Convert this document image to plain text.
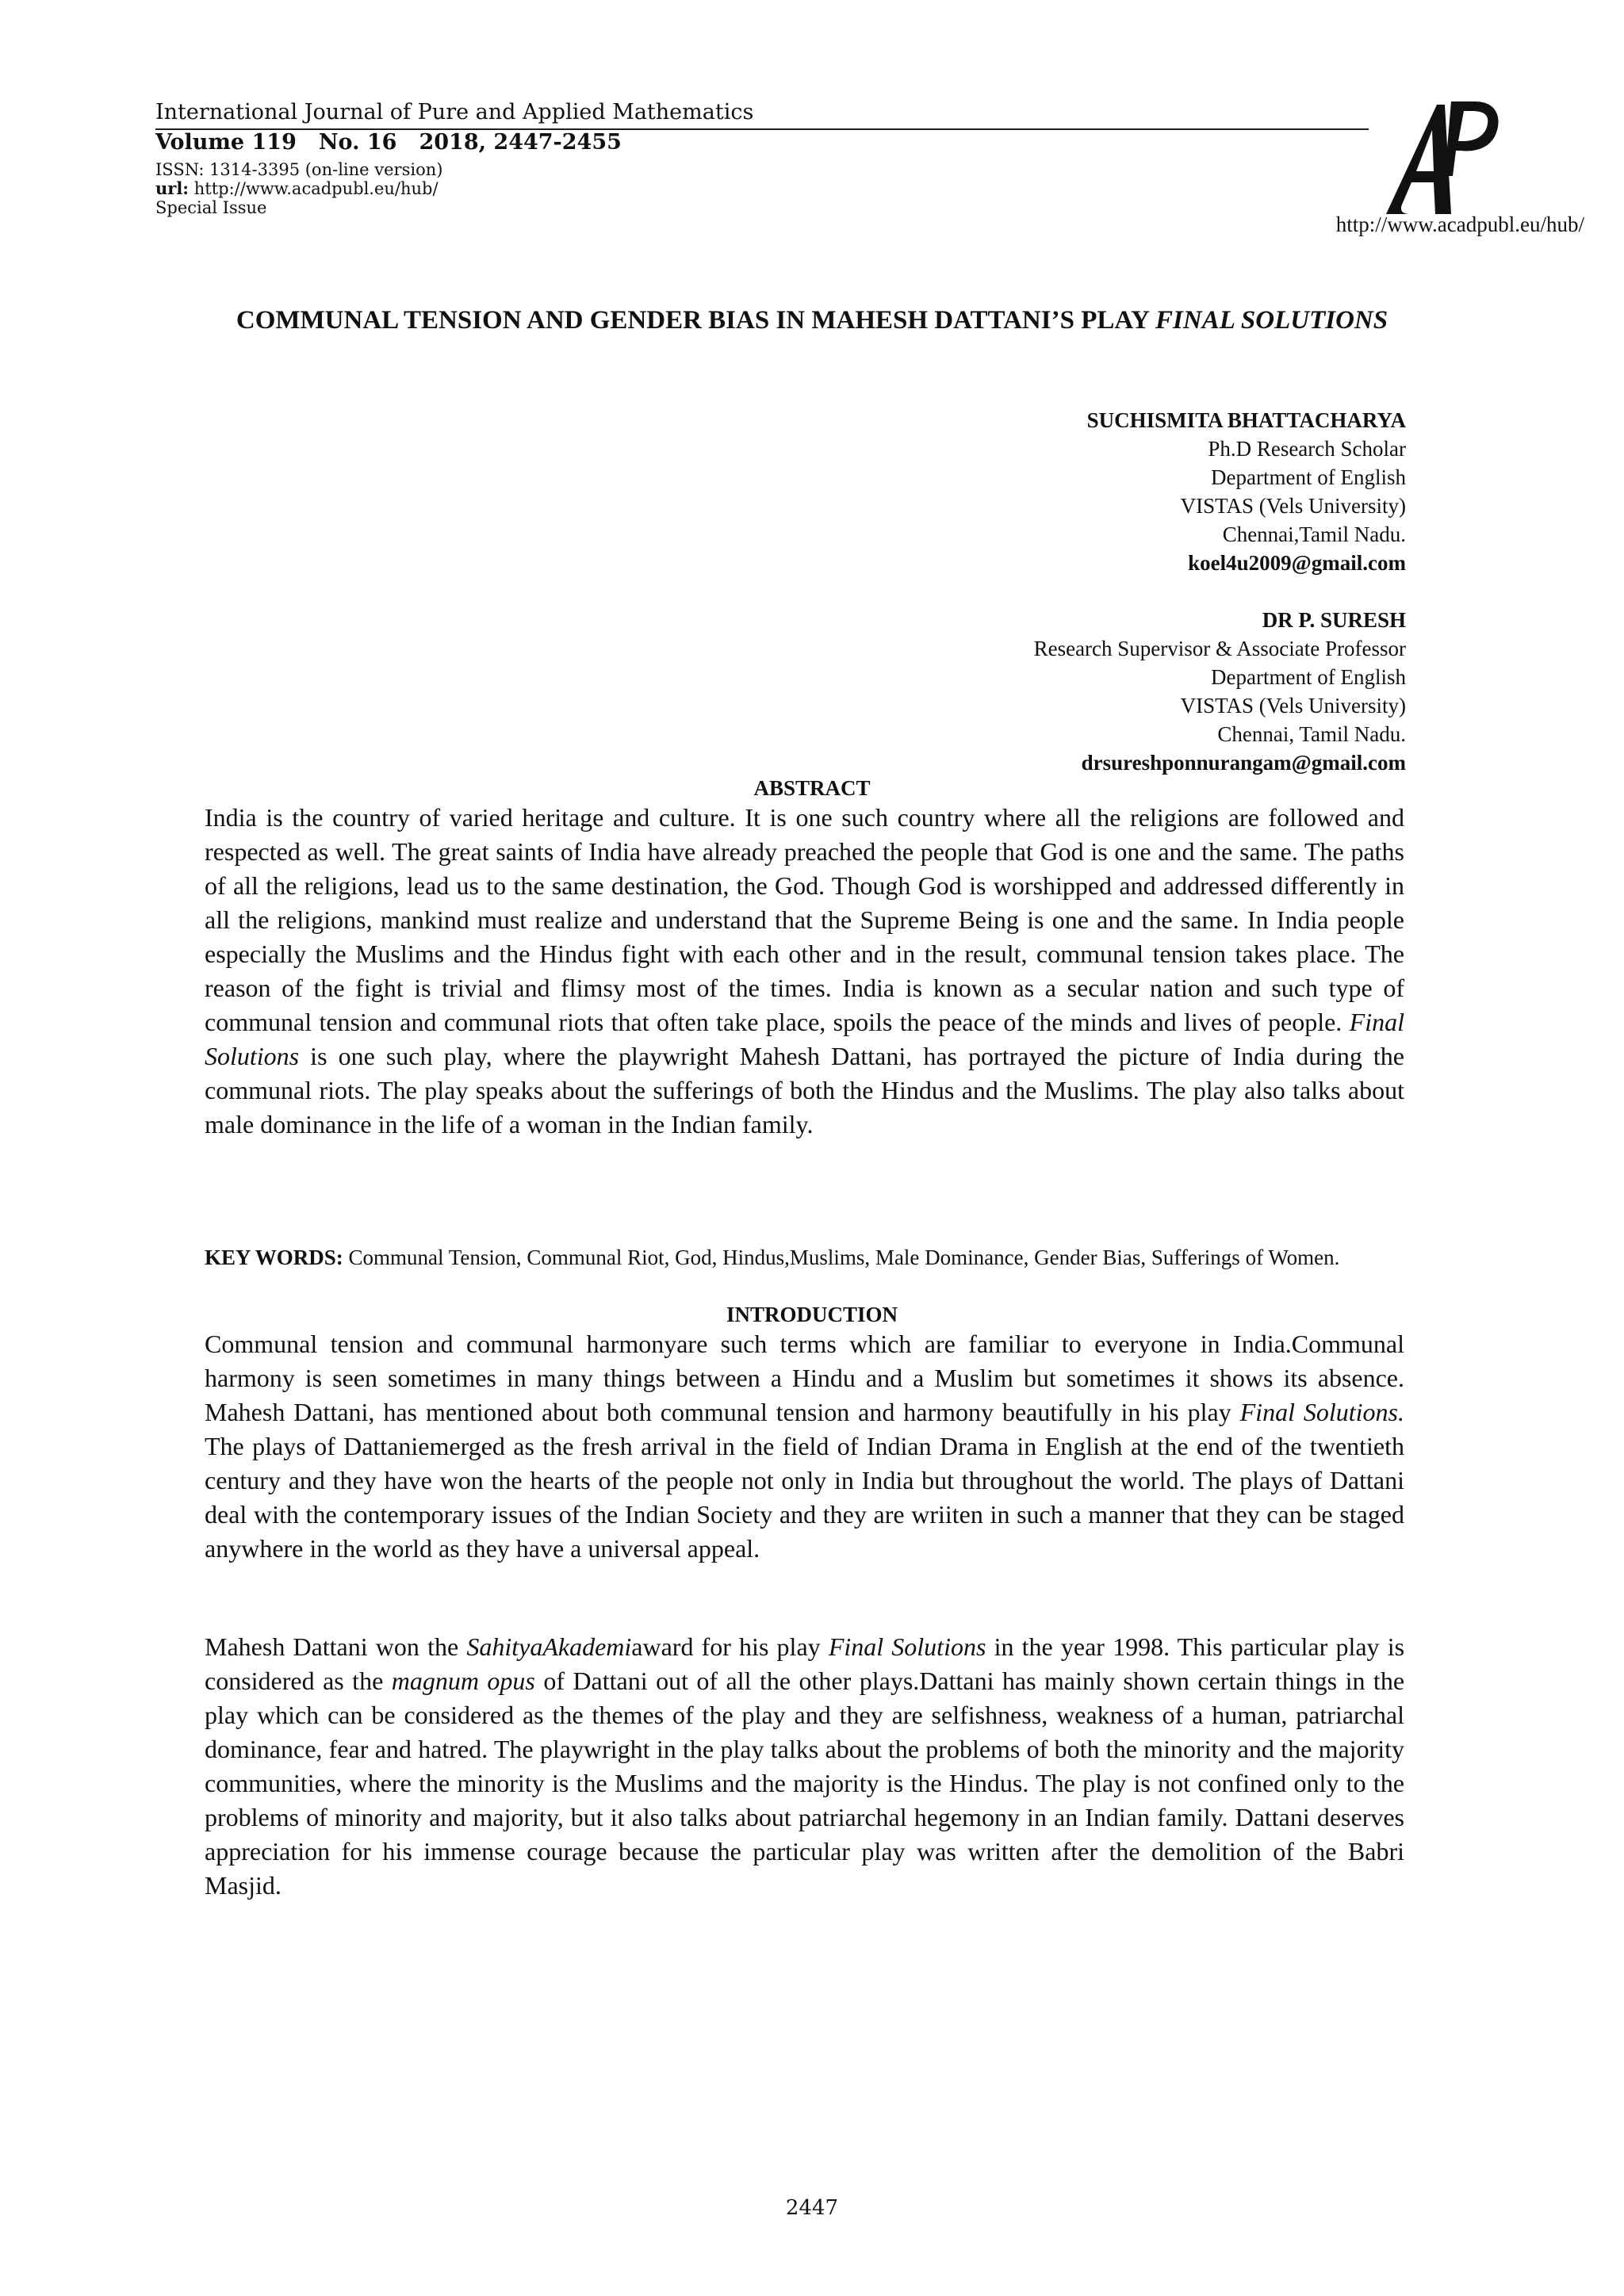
International Journal of Pure and Applied Mathematics
Volume 119 No. 16 2018, 2447-2455
ISSN: 1314-3395 (on-line version)
url: http://www.acadpubl.eu/hub/
Special Issue
http://www.acadpubl.eu/hub/
COMMUNAL TENSION AND GENDER BIAS IN MAHESH DATTANI’S PLAY FINAL SOLUTIONS
SUCHISMITA BHATTACHARYA
Ph.D Research Scholar
Department of English
VISTAS (Vels University)
Chennai,Tamil Nadu.
koel4u2009@gmail.com
DR P. SURESH
Research Supervisor & Associate Professor
Department of English
VISTAS (Vels University)
Chennai, Tamil Nadu.
drsureshponnurangam@gmail.com
ABSTRACT
India is the country of varied heritage and culture. It is one such country where all the religions are followed and respected as well. The great saints of India have already preached the people that God is one and the same. The paths of all the religions, lead us to the same destination, the God. Though God is worshipped and addressed differently in all the religions, mankind must realize and understand that the Supreme Being is one and the same. In India people especially the Muslims and the Hindus fight with each other and in the result, communal tension takes place. The reason of the fight is trivial and flimsy most of the times. India is known as a secular nation and such type of communal tension and communal riots that often take place, spoils the peace of the minds and lives of people. Final Solutions is one such play, where the playwright Mahesh Dattani, has portrayed the picture of India during the communal riots. The play speaks about the sufferings of both the Hindus and the Muslims. The play also talks about male dominance in the life of a woman in the Indian family.
KEY WORDS: Communal Tension, Communal Riot, God, Hindus,Muslims, Male Dominance, Gender Bias, Sufferings of Women.
INTRODUCTION
Communal tension and communal harmonyare such terms which are familiar to everyone in India.Communal harmony is seen sometimes in many things between a Hindu and a Muslim but sometimes it shows its absence. Mahesh Dattani, has mentioned about both communal tension and harmony beautifully in his play Final Solutions. The plays of Dattaniemerged as the fresh arrival in the field of Indian Drama in English at the end of the twentieth century and they have won the hearts of the people not only in India but throughout the world. The plays of Dattani deal with the contemporary issues of the Indian Society and they are wriiten in such a manner that they can be staged anywhere in the world as they have a universal appeal.
Mahesh Dattani won the SahityaAkademiaward for his play Final Solutions in the year 1998. This particular play is considered as the magnum opus of Dattani out of all the other plays.Dattani has mainly shown certain things in the play which can be considered as the themes of the play and they are selfishness, weakness of a human, patriarchal dominance, fear and hatred. The playwright in the play talks about the problems of both the minority and the majority communities, where the minority is the Muslims and the majority is the Hindus. The play is not confined only to the problems of minority and majority, but it also talks about patriarchal hegemony in an Indian family. Dattani deserves appreciation for his immense courage because the particular play was written after the demolition of the Babri Masjid.
2447
